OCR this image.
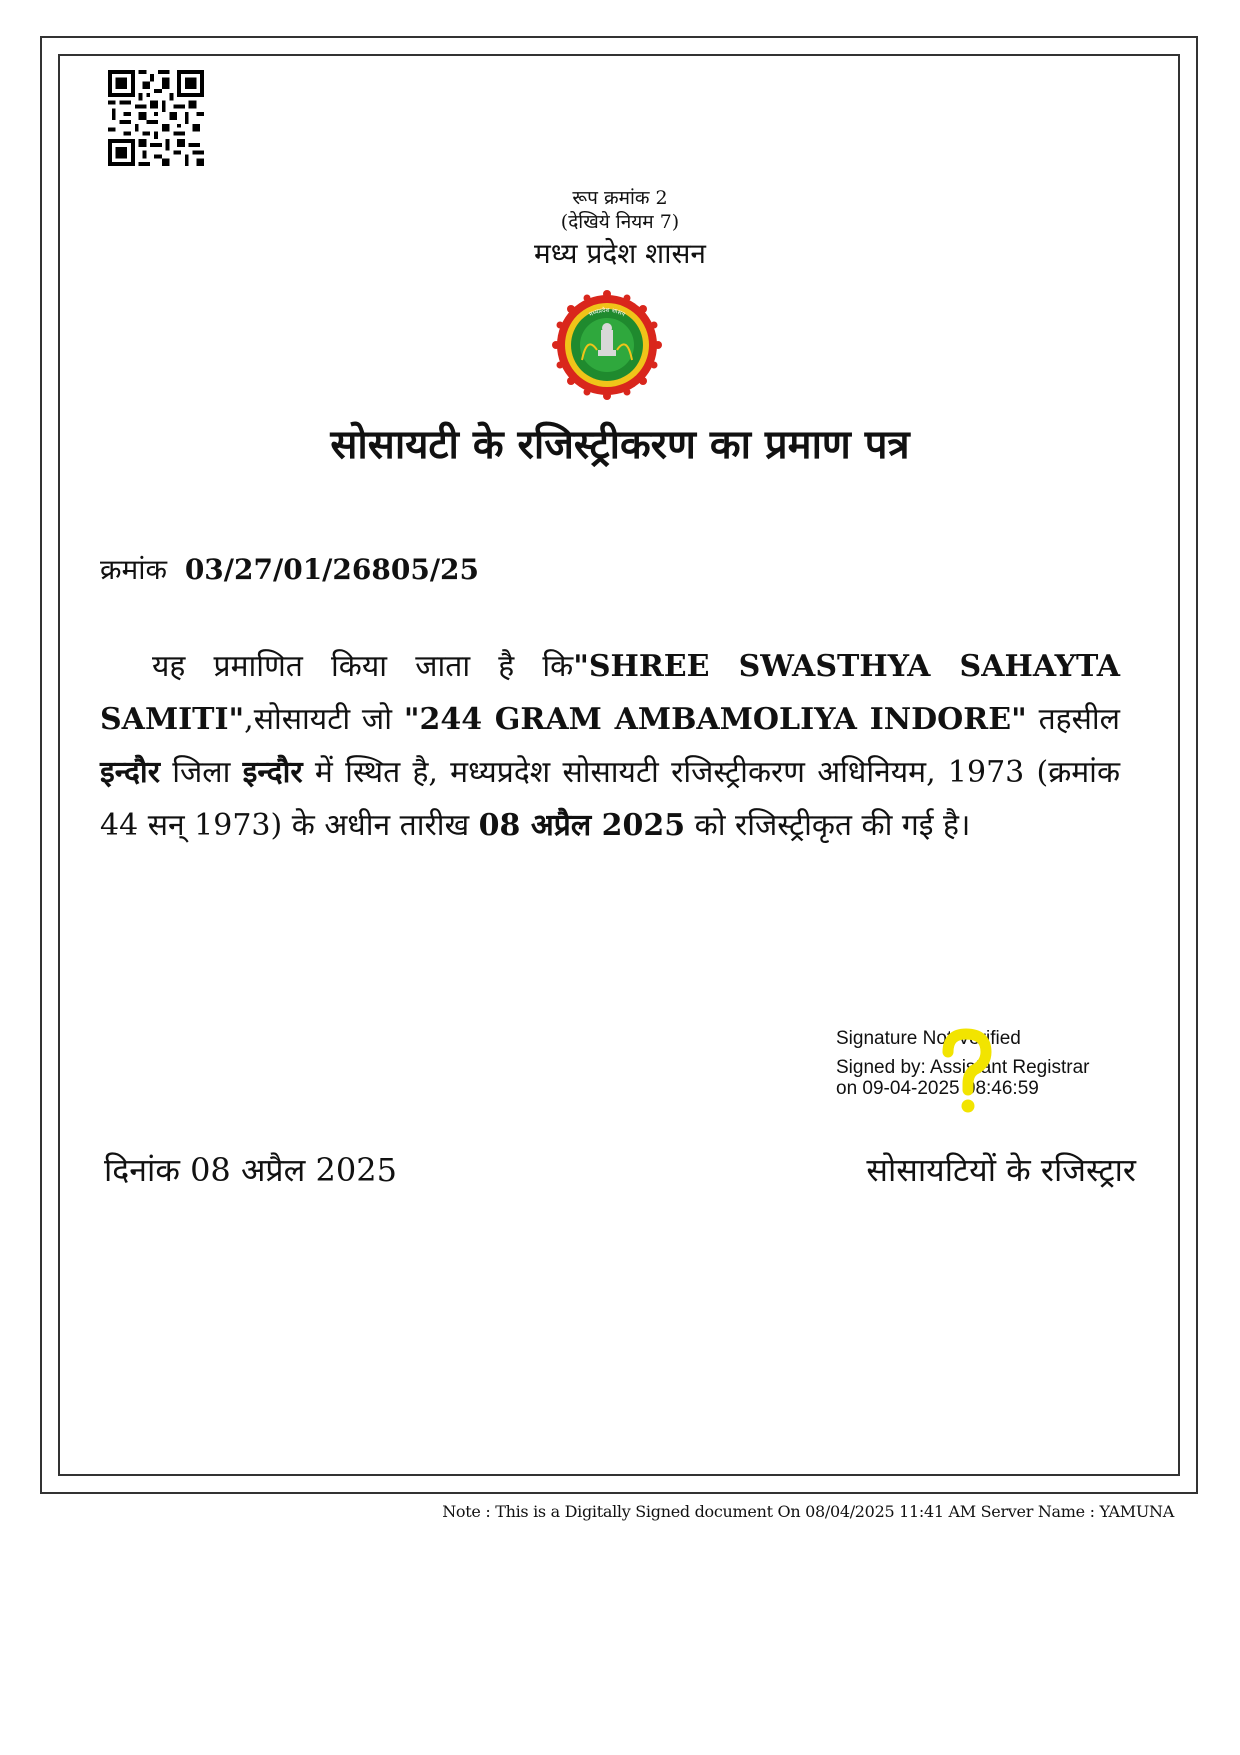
रूप क्रमांक 2
(देखिये नियम 7)
मध्य प्रदेश शासन
मध्यप्रदेश शासन
सोसायटी के रजिस्ट्रीकरण का प्रमाण पत्र
क्रमांक 03/27/01/26805/25
यह प्रमाणित किया जाता है कि"SHREE SWASTHYA SAHAYTA SAMITI",सोसायटी जो "244 GRAM AMBAMOLIYA INDORE" तहसील इन्दौर जिला इन्दौर में स्थित है, मध्यप्रदेश सोसायटी रजिस्ट्रीकरण अधिनियम, 1973 (क्रमांक 44 सन् 1973) के अधीन तारीख 08 अप्रैल 2025 को रजिस्ट्रीकृत की गई है।
Signature Not Verified
Signed by: Assistant Registrar
on 09-04-2025 08:46:59
दिनांक 08 अप्रैल 2025	सोसायटियों के रजिस्ट्रार
Note : This is a Digitally Signed document On 08/04/2025 11:41 AM Server Name : YAMUNA
